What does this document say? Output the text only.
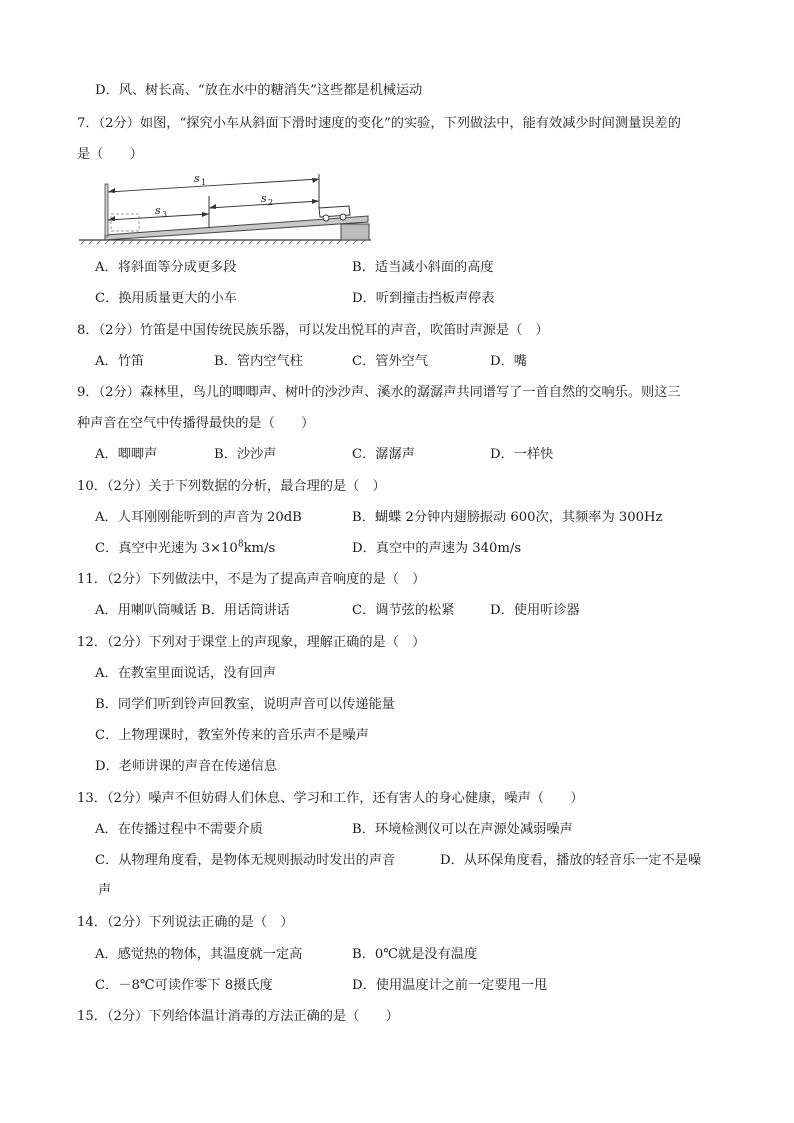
D．风、树长高、“放在水中的糖消失”这些都是机械运动
7．（2分）如图，“探究小车从斜面下滑时速度的变化”的实验，下列做法中，能有效减少时间测量误差的
是（　　）
s 1
s 2
s 3
A．将斜面等分成更多段	B．适当减小斜面的高度
C．换用质量更大的小车	D．听到撞击挡板声停表
8．（2分）竹笛是中国传统民族乐器，可以发出悦耳的声音，吹笛时声源是（　）
A．竹笛	B．管内空气柱	C．管外空气	D．嘴
9．（2分）森林里，鸟儿的唧唧声、树叶的沙沙声、溪水的潺潺声共同谱写了一首自然的交响乐。则这三
种声音在空气中传播得最快的是（　　）
A．唧唧声	B．沙沙声	C．潺潺声	D．一样快
10．（2分）关于下列数据的分析，最合理的是（　）
A．人耳刚刚能听到的声音为 20dB	B．蝴蝶 2分钟内翅膀振动 600次，其频率为 300Hz
C．真空中光速为 $3\times 10^8km/s$	D．真空中的声速为 340m/s
11．（2分）下列做法中，不是为了提高声音响度的是（　）
A．用喇叭筒喊话 B．用话筒讲话	C．调节弦的松紧	D．使用听诊器
12．（2分）下列对于课堂上的声现象，理解正确的是（　）
A．在教室里面说话，没有回声
B．同学们听到铃声回教室，说明声音可以传递能量
C．上物理课时，教室外传来的音乐声不是噪声
D．老师讲课的声音在传递信息
13．（2分）噪声不但妨碍人们休息、学习和工作，还有害人的身心健康，噪声（　　）
A．在传播过程中不需要介质	B．环境检测仪可以在声源处减弱噪声
C．从物理角度看，是物体无规则振动时发出的声音	D．从环保角度看，播放的轻音乐一定不是噪
声
14．（2分）下列说法正确的是（　）
A．感觉热的物体，其温度就一定高	B．0℃就是没有温度
C．－8℃可读作零下 8摄氏度	D．使用温度计之前一定要甩一甩
15．（2分）下列给体温计消毒的方法正确的是（　　）
